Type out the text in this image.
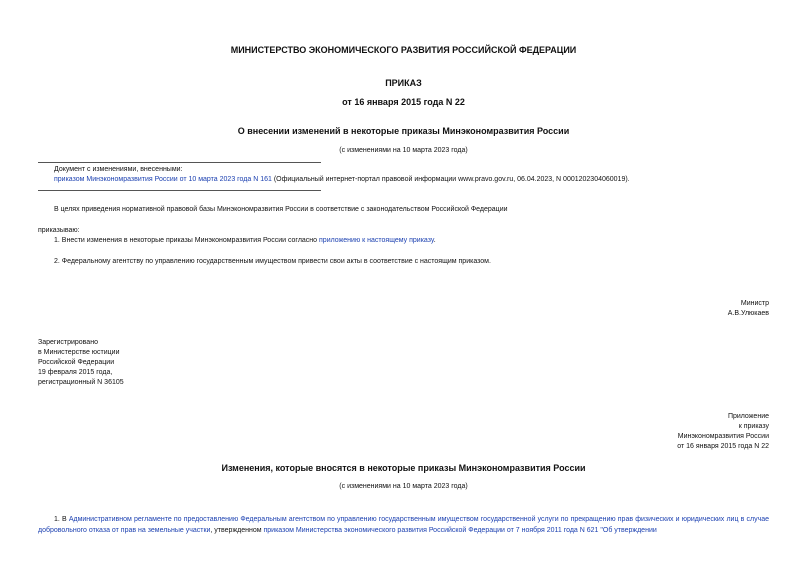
МИНИСТЕРСТВО ЭКОНОМИЧЕСКОГО РАЗВИТИЯ РОССИЙСКОЙ ФЕДЕРАЦИИ
ПРИКАЗ
от 16 января 2015 года N 22
О внесении изменений в некоторые приказы Минэкономразвития России
(с изменениями на 10 марта 2023 года)
Документ с изменениями, внесенными:
приказом Минэкономразвития России от 10 марта 2023 года N 161 (Официальный интернет-портал правовой информации www.pravo.gov.ru, 06.04.2023, N 0001202304060019).
В целях приведения нормативной правовой базы Минэкономразвития России в соответствие с законодательством Российской Федерации
приказываю:
1. Внести изменения в некоторые приказы Минэкономразвития России согласно приложению к настоящему приказу.
2. Федеральному агентству по управлению государственным имуществом привести свои акты в соответствие с настоящим приказом.
Министр
А.В.Улюкаев
Зарегистрировано
в Министерстве юстиции
Российской Федерации
19 февраля 2015 года,
регистрационный N 36105
Приложение
к приказу
Минэкономразвития России
от 16 января 2015 года N 22
Изменения, которые вносятся в некоторые приказы Минэкономразвития России
(с изменениями на 10 марта 2023 года)
1. В Административном регламенте по предоставлению Федеральным агентством по управлению государственным имуществом государственной услуги по прекращению прав физических и юридических лиц в случае добровольного отказа от прав на земельные участки, утвержденном приказом Министерства экономического развития Российской Федерации от 7 ноября 2011 года N 621 "Об утверждении
